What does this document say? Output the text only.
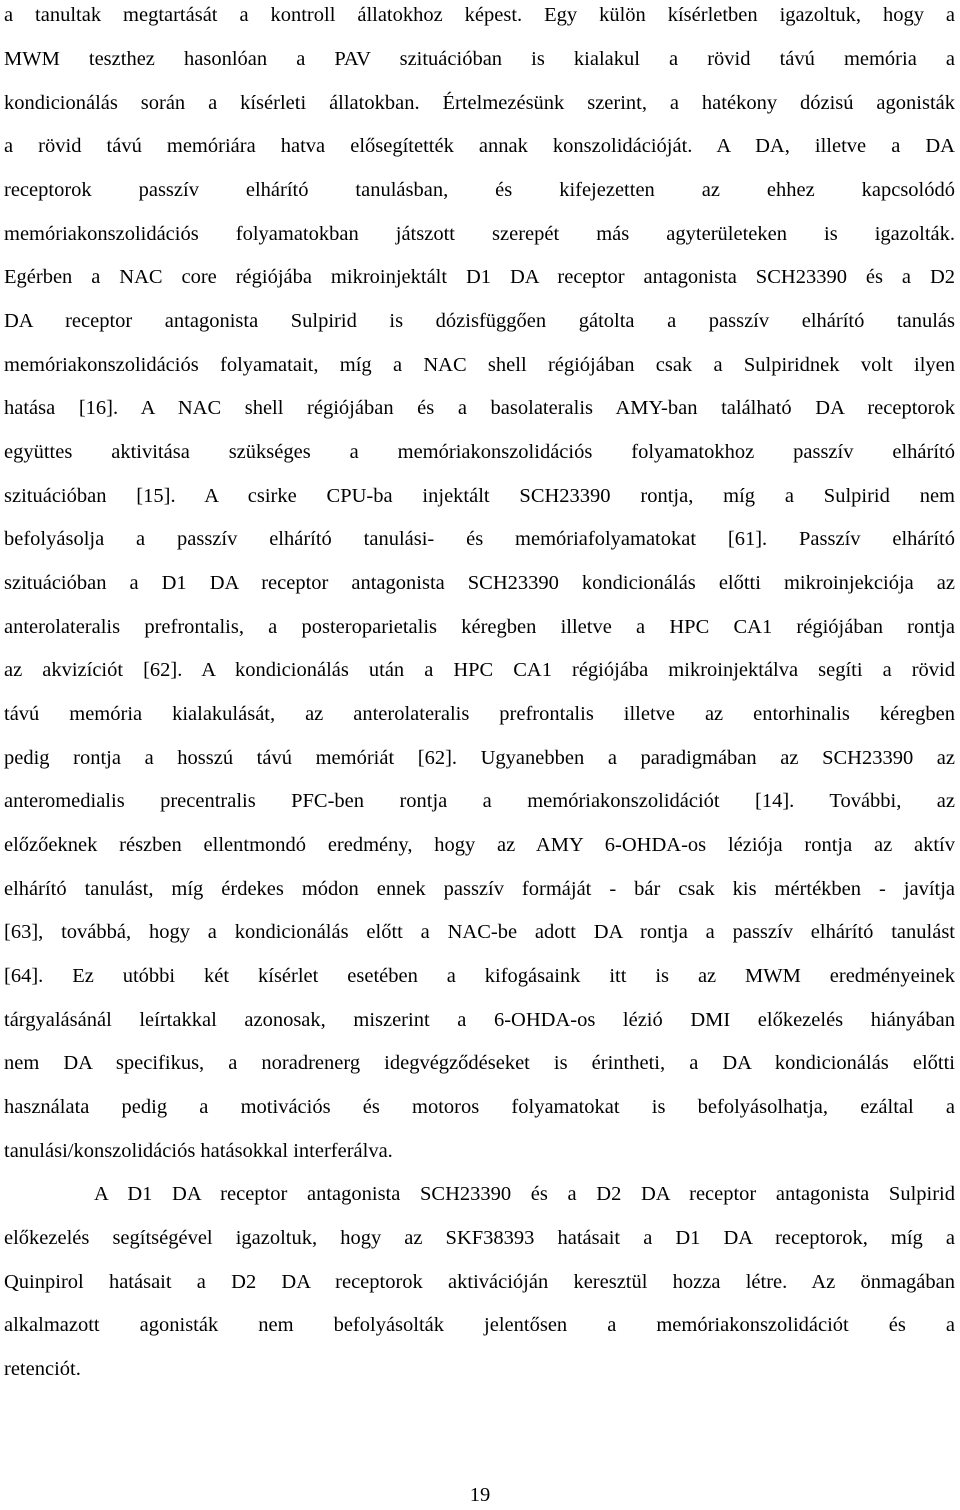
a tanultak megtartását a kontroll állatokhoz képest. Egy külön kísérletben igazoltuk, hogy a
MWM teszthez hasonlóan a PAV szituációban is kialakul a rövid távú memória a
kondicionálás során a kísérleti állatokban. Értelmezésünk szerint, a hatékony dózisú agonisták
a rövid távú memóriára hatva elősegítették annak konszolidációját. A DA, illetve a DA
receptorok passzív elhárító tanulásban, és kifejezetten az ehhez kapcsolódó
memóriakonszolidációs folyamatokban játszott szerepét más agyterületeken is igazolták.
Egérben a NAC core régiójába mikroinjektált D1 DA receptor antagonista SCH23390 és a D2
DA receptor antagonista Sulpirid is dózisfüggően gátolta a passzív elhárító tanulás
memóriakonszolidációs folyamatait, míg a NAC shell régiójában csak a Sulpiridnek volt ilyen
hatása [16]. A NAC shell régiójában és a basolateralis AMY-ban található DA receptorok
együttes aktivitása szükséges a memóriakonszolidációs folyamatokhoz passzív elhárító
szituációban [15]. A csirke CPU-ba injektált SCH23390 rontja, míg a Sulpirid nem
befolyásolja a passzív elhárító tanulási- és memóriafolyamatokat [61]. Passzív elhárító
szituációban a D1 DA receptor antagonista SCH23390 kondicionálás előtti mikroinjekciója az
anterolateralis prefrontalis, a posteroparietalis kéregben illetve a HPC CA1 régiójában rontja
az akvizíciót [62]. A kondicionálás után a HPC CA1 régiójába mikroinjektálva segíti a rövid
távú memória kialakulását, az anterolateralis prefrontalis illetve az entorhinalis kéregben
pedig rontja a hosszú távú memóriát [62]. Ugyanebben a paradigmában az SCH23390 az
anteromedialis precentralis PFC-ben rontja a memóriakonszolidációt [14]. További, az
előzőeknek részben ellentmondó eredmény, hogy az AMY 6-OHDA-os léziója rontja az aktív
elhárító tanulást, míg érdekes módon ennek passzív formáját - bár csak kis mértékben - javítja
[63], továbbá, hogy a kondicionálás előtt a NAC-be adott DA rontja a passzív elhárító tanulást
[64]. Ez utóbbi két kísérlet esetében a kifogásaink itt is az MWM eredményeinek
tárgyalásánál leírtakkal azonosak, miszerint a 6-OHDA-os lézió DMI előkezelés hiányában
nem DA specifikus, a noradrenerg idegvégződéseket is érintheti, a DA kondicionálás előtti
használata pedig a motivációs és motoros folyamatokat is befolyásolhatja, ezáltal a
tanulási/konszolidációs hatásokkal interferálva.
A D1 DA receptor antagonista SCH23390 és a D2 DA receptor antagonista Sulpirid
előkezelés segítségével igazoltuk, hogy az SKF38393 hatásait a D1 DA receptorok, míg a
Quinpirol hatásait a D2 DA receptorok aktivációján keresztül hozza létre. Az önmagában
alkalmazott agonisták nem befolyásolták jelentősen a memóriakonszolidációt és a
retenciót.
19
